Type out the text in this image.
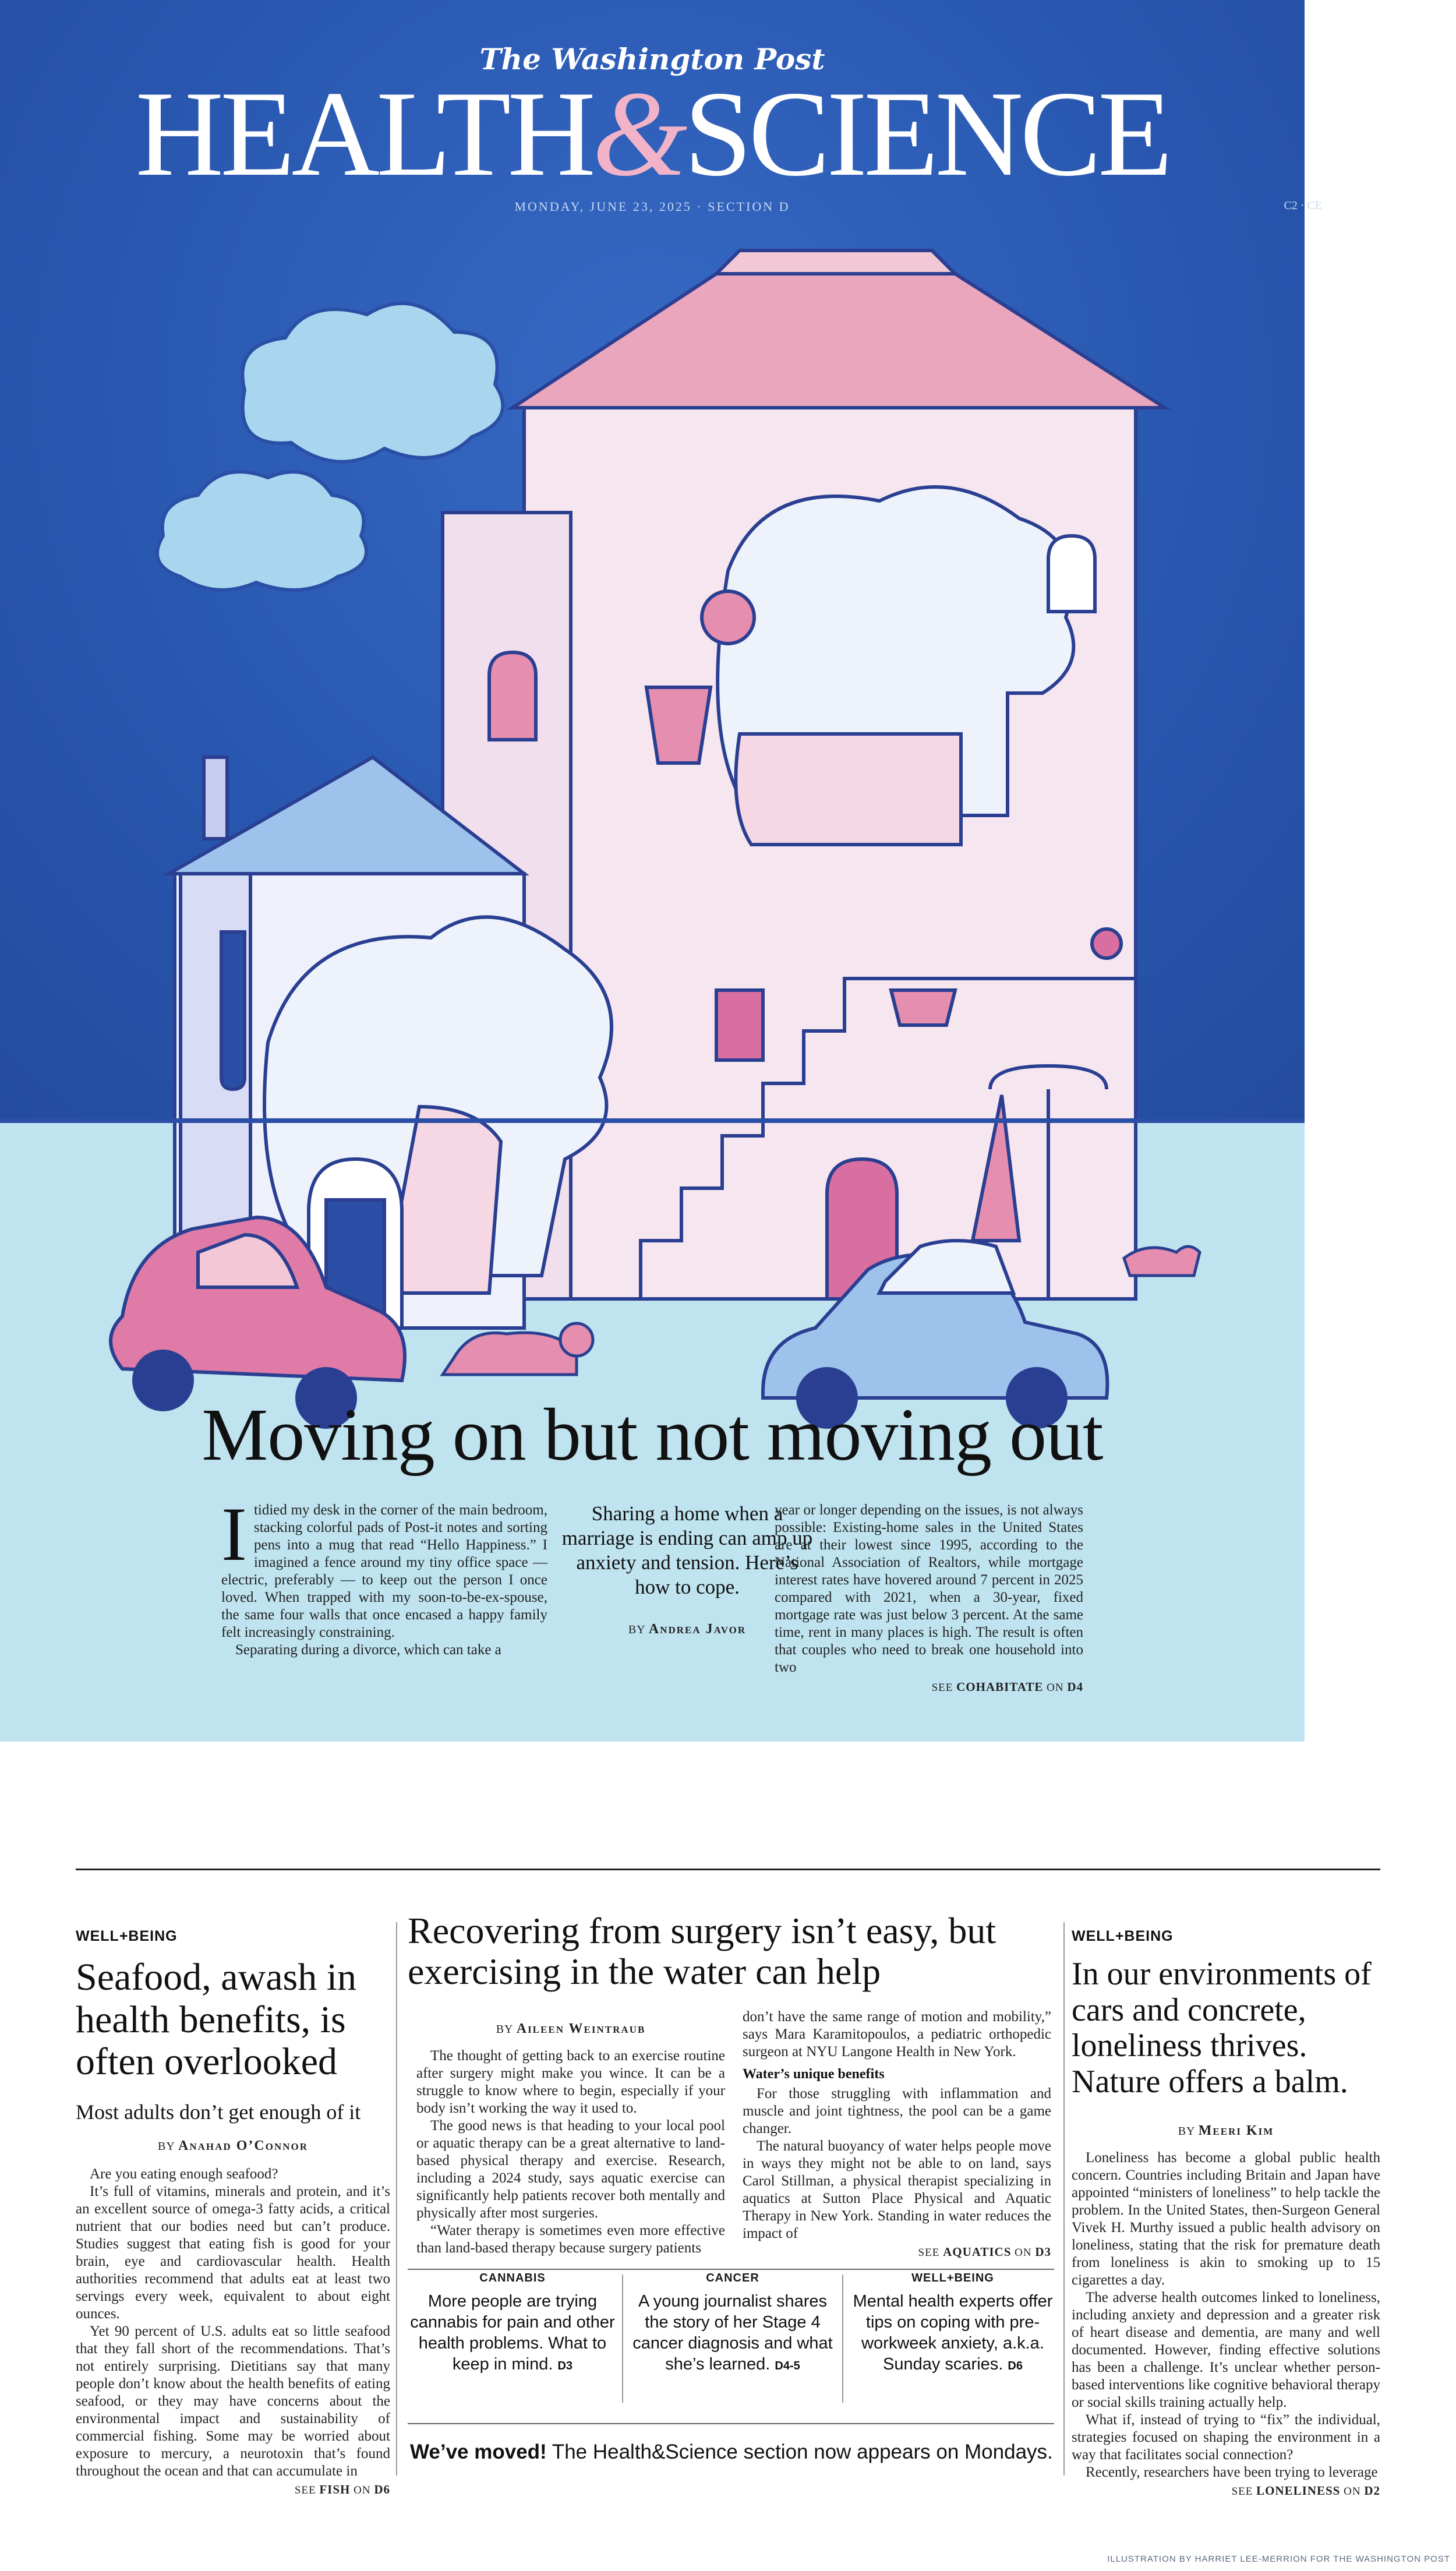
The Washington Post
HEALTH&SCIENCE
MONDAY, JUNE 23, 2025 · SECTION D	C2 · CE
Moving on but not moving out
I tidied my desk in the corner of the main bedroom, stacking colorful pads of Post-it notes and sorting pens into a mug that read “Hello Happiness.” I imagined a fence around my tiny office space — electric, preferably — to keep out the person I once loved. When trapped with my soon-to-be-ex-spouse, the same four walls that once encased a happy family felt increasingly constraining.

Separating during a divorce, which can take a

Sharing a home when a marriage is ending can amp up anxiety and tension. Here’s how to cope.
BY Andrea Javor

year or longer depending on the issues, is not always possible: Existing-home sales in the United States are at their lowest since 1995, according to the National Association of Realtors, while mortgage interest rates have hovered around 7 percent in 2025 compared with 2021, when a 30-year, fixed mortgage rate was just below 3 percent. At the same time, rent in many places is high. The result is often that couples who need to break one household into two

SEE COHABITATE ON D4
ILLUSTRATION BY HARRIET LEE-MERRION FOR THE WASHINGTON POST
WELL+BEING
Seafood, awash in health benefits, is often overlooked
Most adults don’t get enough of it
BY Anahad O’Connor

Are you eating enough seafood?

It’s full of vitamins, minerals and protein, and it’s an excellent source of omega-3 fatty acids, a critical nutrient that our bodies need but can’t produce. Studies suggest that eating fish is good for your brain, eye and cardiovascular health. Health authorities recommend that adults eat at least two servings every week, equivalent to about eight ounces.

Yet 90 percent of U.S. adults eat so little seafood that they fall short of the recommendations. That’s not entirely surprising. Dietitians say that many people don’t know about the health benefits of eating seafood, or they may have concerns about the environmental impact and sustainability of commercial fishing. Some may be worried about exposure to mercury, a neurotoxin that’s found throughout the ocean and that can accumulate in

SEE FISH ON D6
Recovering from surgery isn’t easy, but exercising in the water can help
BY Aileen Weintraub

The thought of getting back to an exercise routine after surgery might make you wince. It can be a struggle to know where to begin, especially if your body isn’t working the way it used to.

The good news is that heading to your local pool or aquatic therapy can be a great alternative to land-based physical therapy and exercise. Research, including a 2024 study, says aquatic exercise can significantly help patients recover both mentally and physically after most surgeries.

“Water therapy is sometimes even more effective than land-based therapy because surgery patients

don’t have the same range of motion and mobility,” says Mara Karamitopoulos, a pediatric orthopedic surgeon at NYU Langone Health in New York.

Water’s unique benefits

For those struggling with inflammation and muscle and joint tightness, the pool can be a game changer.

The natural buoyancy of water helps people move in ways they might not be able to on land, says Carol Stillman, a physical therapist specializing in aquatics at Sutton Place Physical and Aquatic Therapy in New York. Standing in water reduces the impact of

SEE AQUATICS ON D3
CANNABIS
More people are trying cannabis for pain and other health problems. What to keep in mind. D3
CANCER
A young journalist shares the story of her Stage 4 cancer diagnosis and what she’s learned. D4-5
WELL+BEING
Mental health experts offer tips on coping with pre-workweek anxiety, a.k.a. Sunday scaries. D6
We’ve moved! The Health&Science section now appears on Mondays.
WELL+BEING
In our environments of cars and concrete, loneliness thrives. Nature offers a balm.
BY Meeri Kim

Loneliness has become a global public health concern. Countries including Britain and Japan have appointed “ministers of loneliness” to help tackle the problem. In the United States, then-Surgeon General Vivek H. Murthy issued a public health advisory on loneliness, stating that the risk for premature death from loneliness is akin to smoking up to 15 cigarettes a day.

The adverse health outcomes linked to loneliness, including anxiety and depression and a greater risk of heart disease and dementia, are many and well documented. However, finding effective solutions has been a challenge. It’s unclear whether person-based interventions like cognitive behavioral therapy or social skills training actually help.

What if, instead of trying to “fix” the individual, strategies focused on shaping the environment in a way that facilitates social connection?

Recently, researchers have been trying to leverage

SEE LONELINESS ON D2
